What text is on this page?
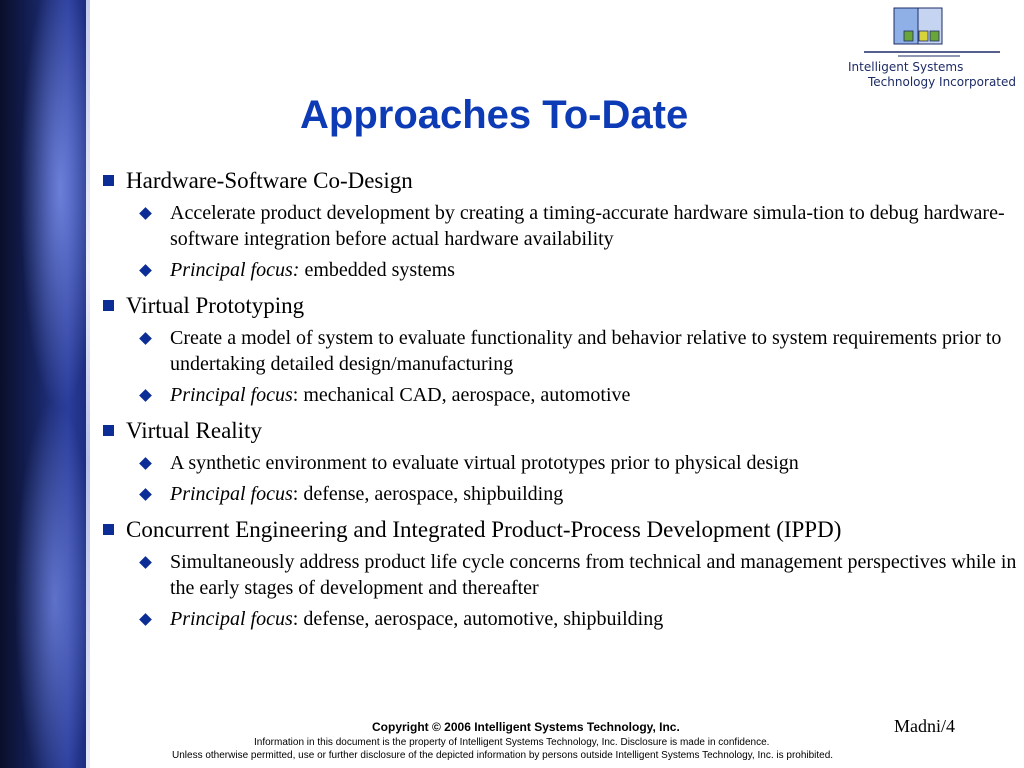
Intelligent Systems
Technology Incorporated
Approaches To-Date
Hardware-Software Co-Design
Accelerate product development by creating a timing-accurate hardware simula-tion to debug hardware-software integration before actual hardware availability
Principal focus: embedded systems
Virtual Prototyping
Create a model of system to evaluate functionality and behavior relative to system requirements prior to undertaking detailed design/manufacturing
Principal focus: mechanical CAD, aerospace, automotive
Virtual Reality
A synthetic environment to evaluate virtual prototypes prior to physical design
Principal focus: defense, aerospace, shipbuilding
Concurrent Engineering and Integrated Product-Process Development (IPPD)
Simultaneously address product life cycle concerns from technical and management perspectives while in the early stages of development and thereafter
Principal focus: defense, aerospace, automotive, shipbuilding
Copyright © 2006 Intelligent Systems Technology, Inc.
Information in this document is the property of Intelligent Systems Technology, Inc. Disclosure is made in confidence.
Unless otherwise permitted, use or further disclosure of the depicted information by persons outside Intelligent Systems Technology, Inc. is prohibited.
Madni/4
